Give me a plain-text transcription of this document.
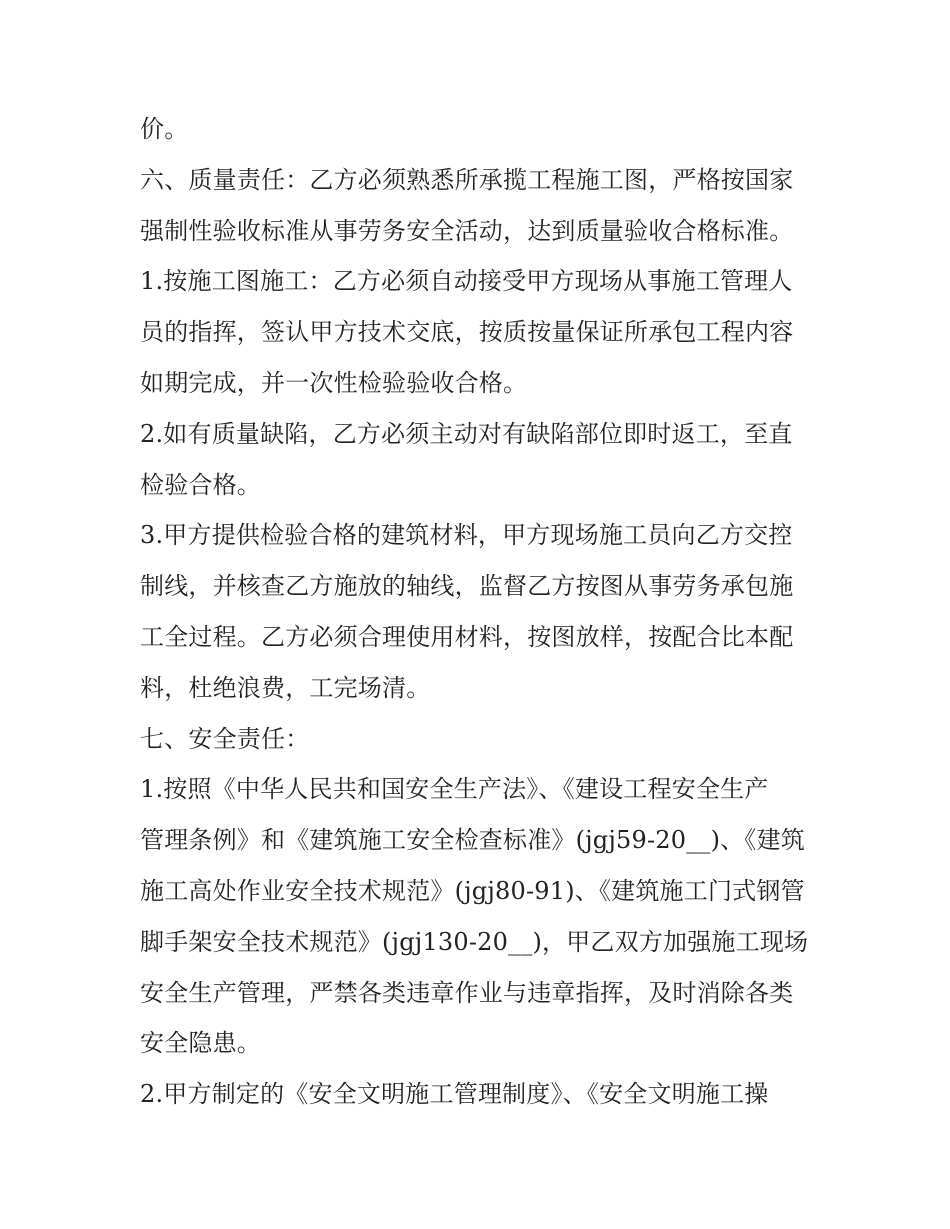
价。
六、质量责任：乙方必须熟悉所承揽工程施工图，严格按国家
强制性验收标准从事劳务安全活动，达到质量验收合格标准。
1.按施工图施工：乙方必须自动接受甲方现场从事施工管理人
员的指挥，签认甲方技术交底，按质按量保证所承包工程内容
如期完成，并一次性检验验收合格。
2.如有质量缺陷，乙方必须主动对有缺陷部位即时返工，至直
检验合格。
3.甲方提供检验合格的建筑材料，甲方现场施工员向乙方交控
制线，并核查乙方施放的轴线，监督乙方按图从事劳务承包施
工全过程。乙方必须合理使用材料，按图放样，按配合比本配
料，杜绝浪费，工完场清。
七、安全责任：
1.按照《中华人民共和国安全生产法》、《建设工程安全生产
管理条例》和《建筑施工安全检查标准》(jgj59-20__)、《建筑
施工高处作业安全技术规范》(jgj80-91)、《建筑施工门式钢管
脚手架安全技术规范》(jgj130-20__)，甲乙双方加强施工现场
安全生产管理，严禁各类违章作业与违章指挥，及时消除各类
安全隐患。
2.甲方制定的《安全文明施工管理制度》、《安全文明施工操
